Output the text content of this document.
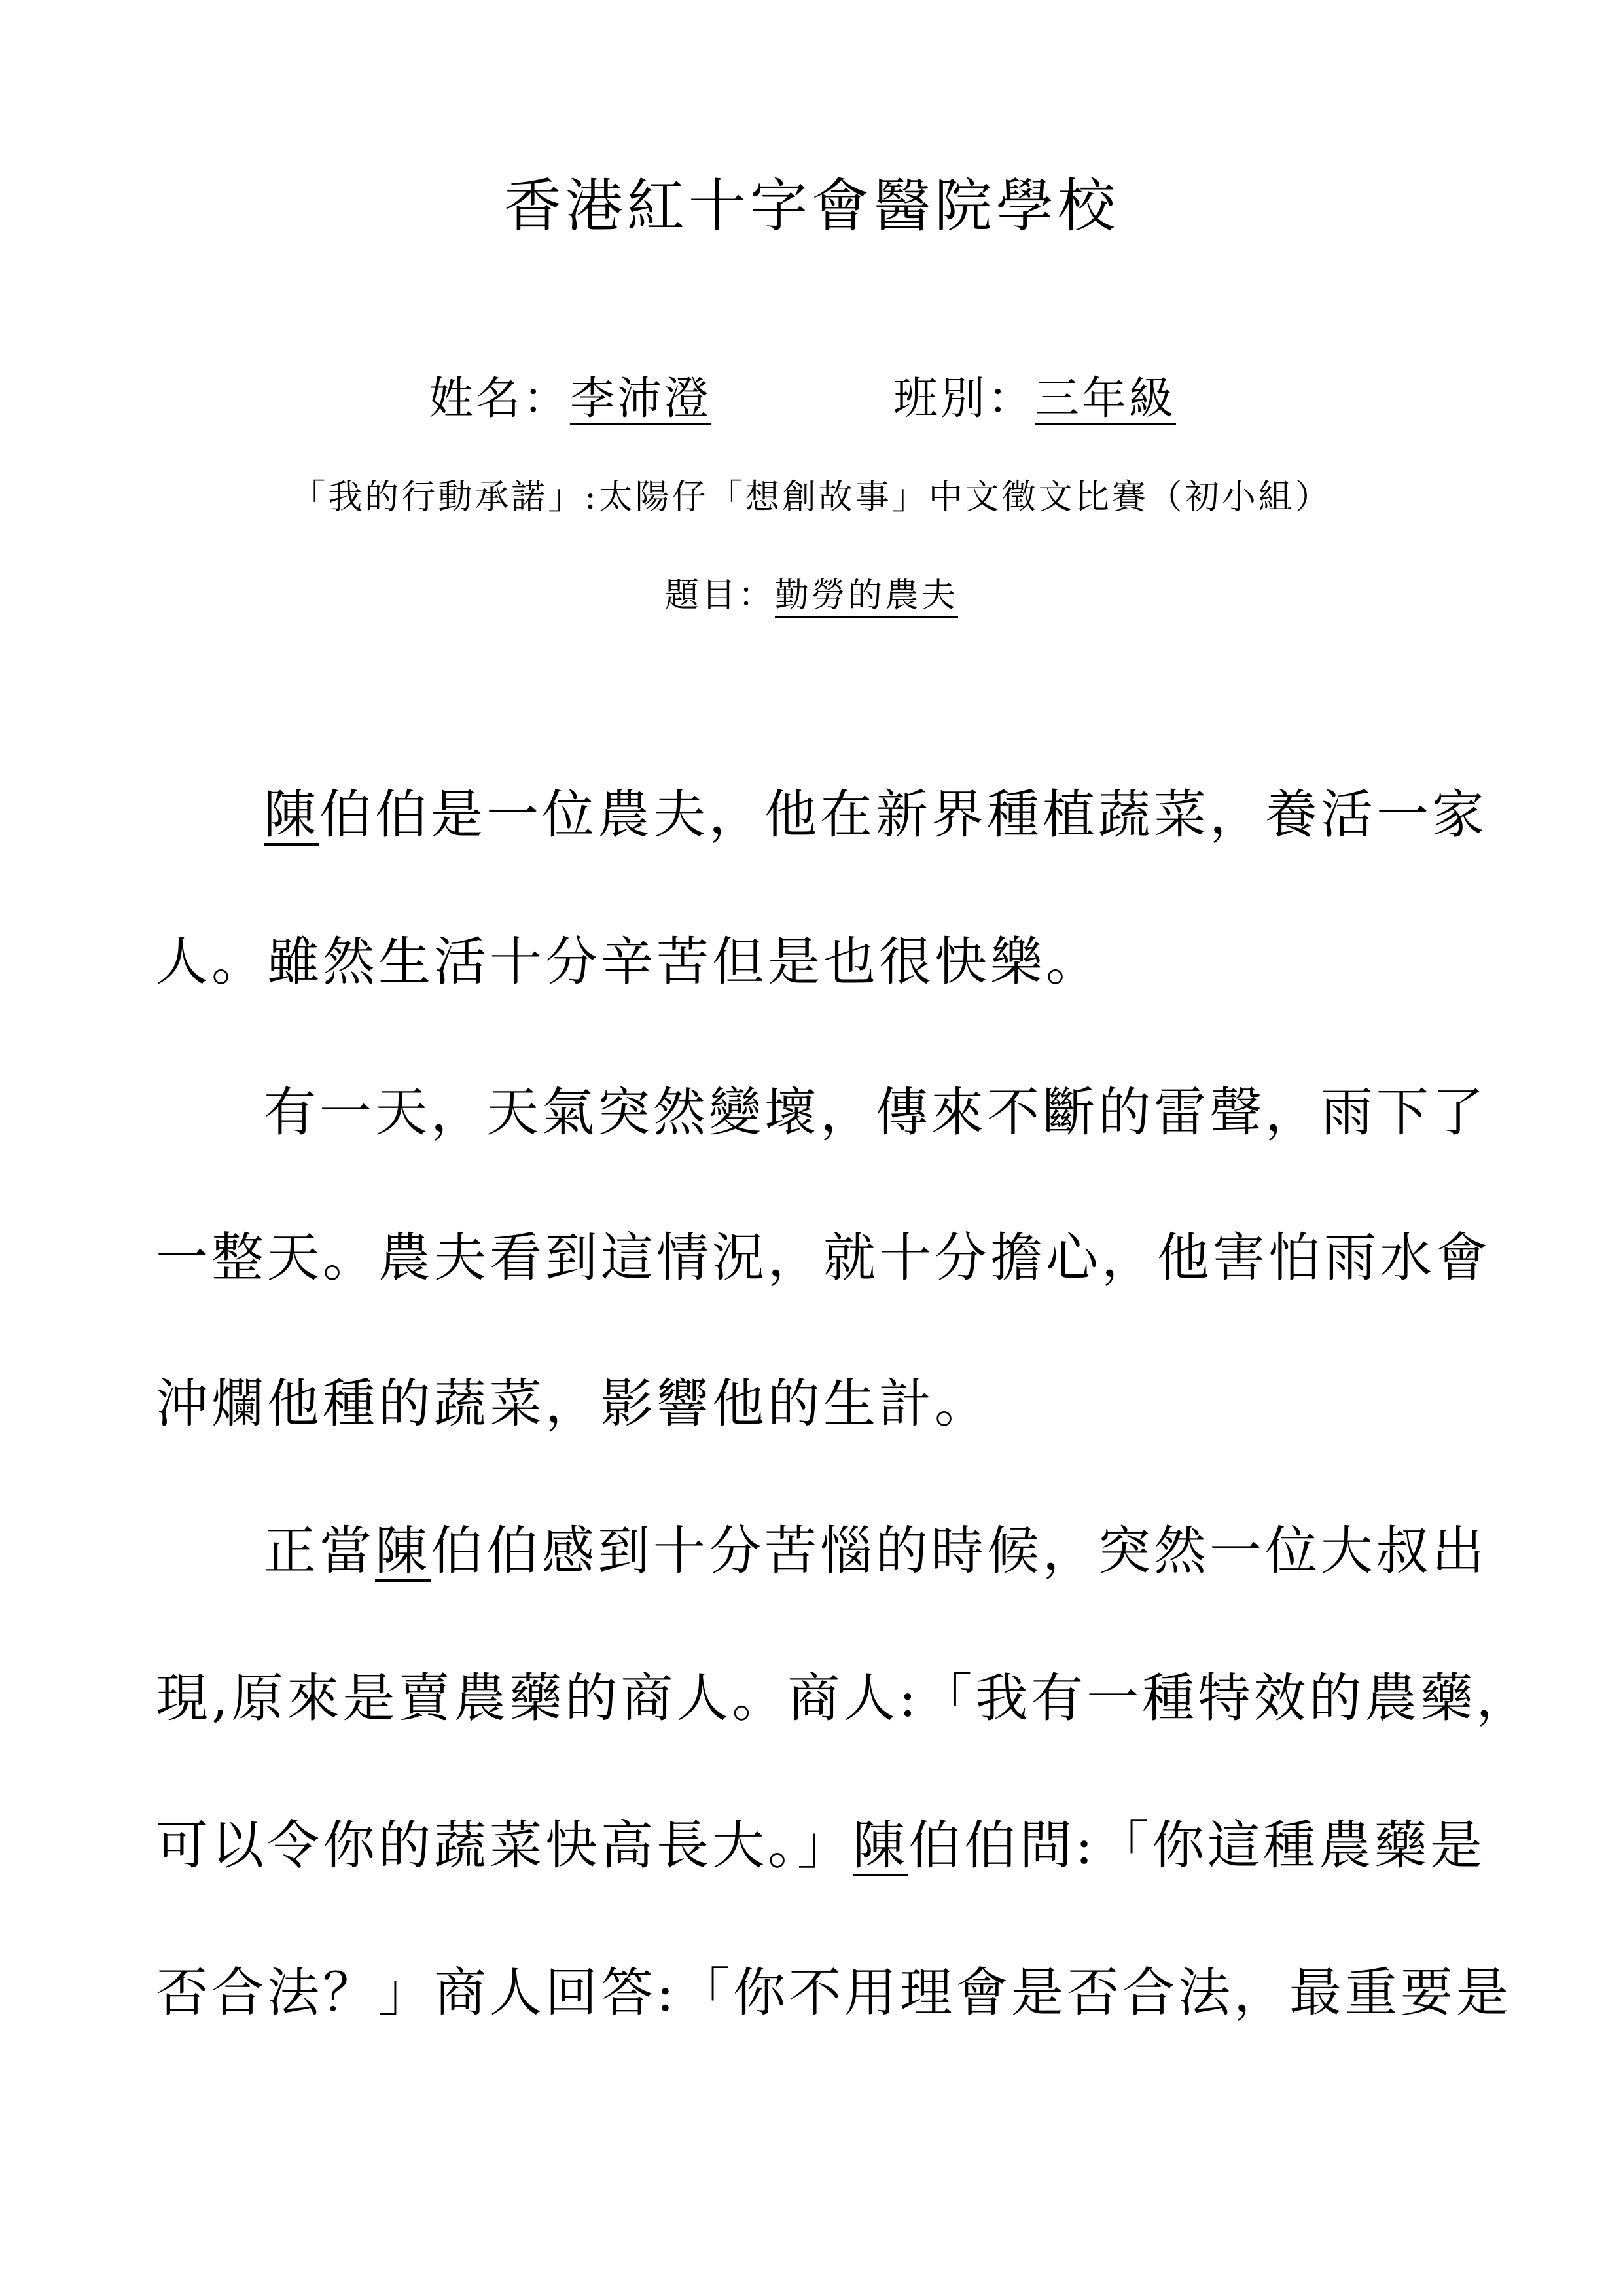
香港紅十字會醫院學校
姓名：李沛澄	班別：三年級
「我的行動承諾」:太陽仔「想創故事」中文徵文比賽（初小組）
題目：勤勞的農夫
陳伯伯是一位農夫，他在新界種植蔬菜，養活一家
人。雖然生活十分辛苦但是也很快樂。
有一天，天氣突然變壞，傳來不斷的雷聲，雨下了
一整天。農夫看到這情況，就十分擔心，他害怕雨水會
沖爛他種的蔬菜，影響他的生計。
正當陳伯伯感到十分苦惱的時候，突然一位大叔出
現,原來是賣農藥的商人。商人:「我有一種特效的農藥，
可以令你的蔬菜快高長大。」陳伯伯問:「你這種農藥是
否合法？」商人回答:「你不用理會是否合法，最重要是
